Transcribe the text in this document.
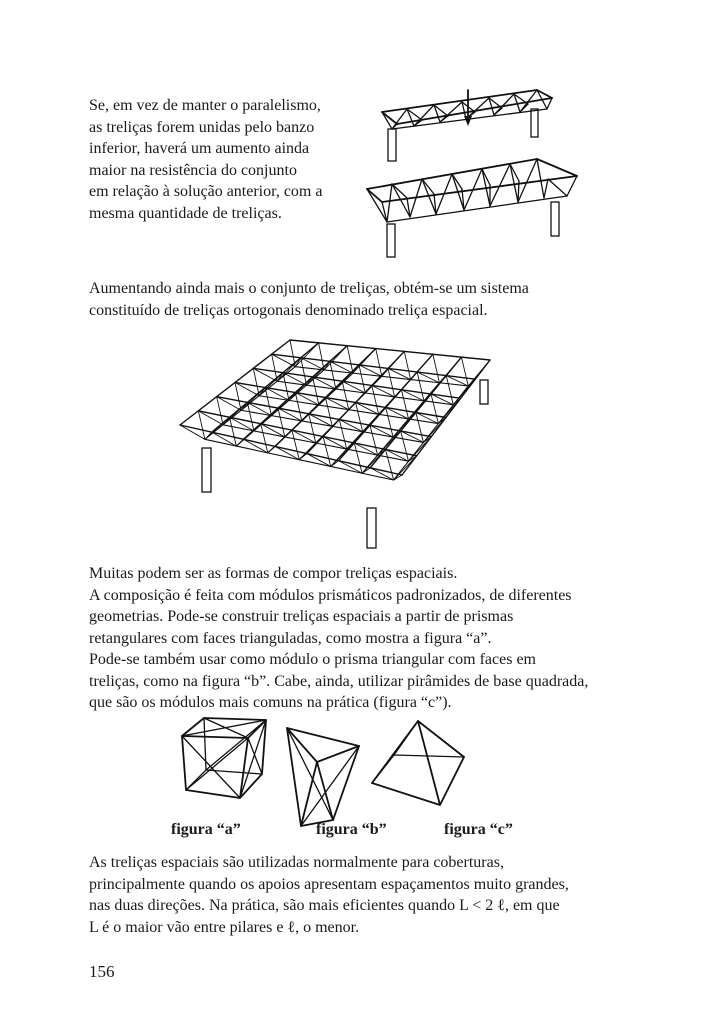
Se, em vez de manter o paralelismo,
as treliças forem unidas pelo banzo
inferior, haverá um aumento ainda
maior na resistência do conjunto
em relação à solução anterior, com a
mesma quantidade de treliças.
Aumentando ainda mais o conjunto de treliças, obtém-se um sistema
constituído de treliças ortogonais denominado treliça espacial.
Muitas podem ser as formas de compor treliças espaciais.
A composição é feita com módulos prismáticos padronizados, de diferentes
geometrias. Pode-se construir treliças espaciais a partir de prismas
retangulares com faces trianguladas, como mostra a figura “a”.
Pode-se também usar como módulo o prisma triangular com faces em
treliças, como na figura “b”. Cabe, ainda, utilizar pirâmides de base quadrada,
que são os módulos mais comuns na prática (figura “c”).
figura “a”	figura “b”	figura “c”
As treliças espaciais são utilizadas normalmente para coberturas,
principalmente quando os apoios apresentam espaçamentos muito grandes,
nas duas direções. Na prática, são mais eficientes quando L < 2 ℓ, em que
L é o maior vão entre pilares e ℓ, o menor.
156
